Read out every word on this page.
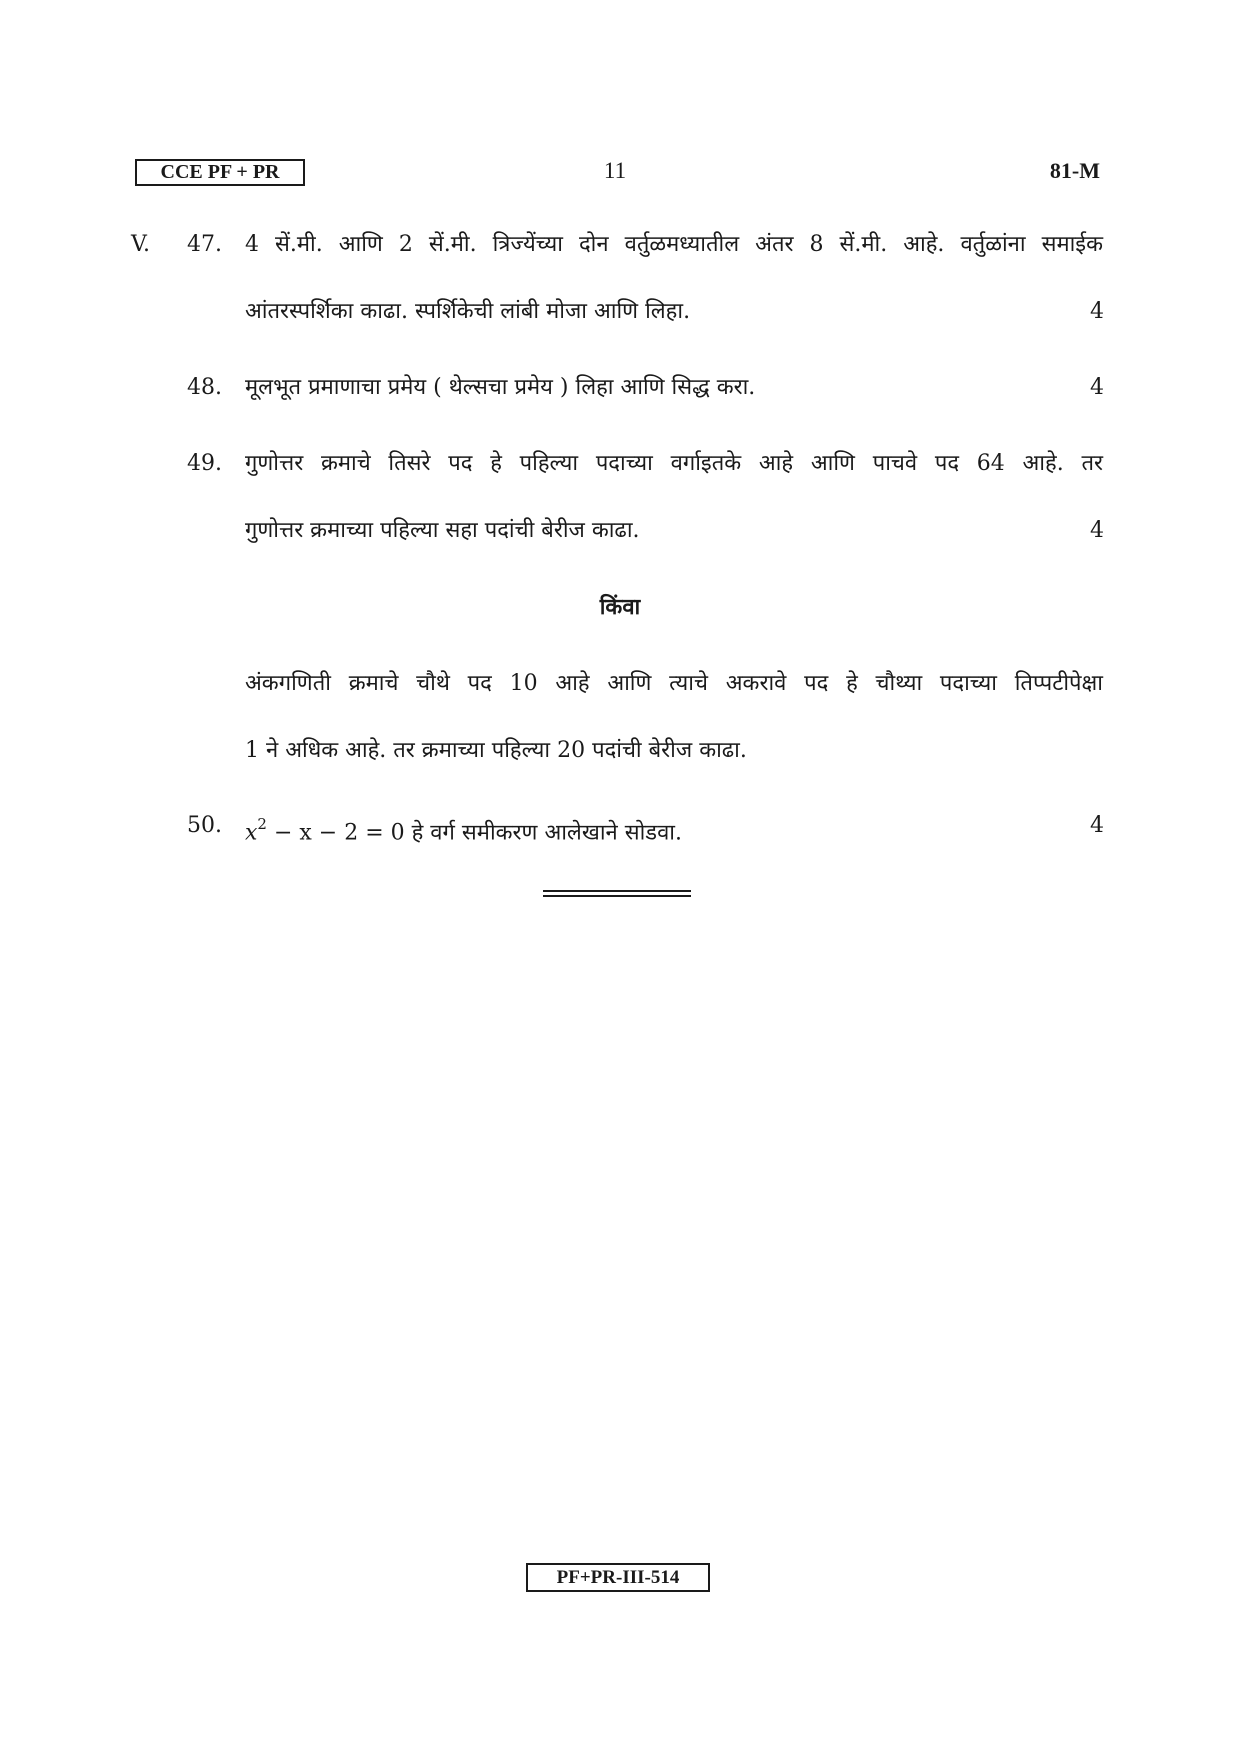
CCE PF + PR	11	81-M
V.	47.	4 सें.मी. आणि 2 सें.मी. त्रिज्येंच्या दोन वर्तुळमध्यातील अंतर 8 सें.मी. आहे. वर्तुळांना समाईक
आंतरस्पर्शिका काढा. स्पर्शिकेची लांबी मोजा आणि लिहा.	4
48.	मूलभूत प्रमाणाचा प्रमेय ( थेल्सचा प्रमेय ) लिहा आणि सिद्ध करा.	4
49.	गुणोत्तर क्रमाचे तिसरे पद हे पहिल्या पदाच्या वर्गाइतके आहे आणि पाचवे पद 64 आहे. तर
गुणोत्तर क्रमाच्या पहिल्या सहा पदांची बेरीज काढा.	4
किंवा
अंकगणिती क्रमाचे चौथे पद 10 आहे आणि त्याचे अकरावे पद हे चौथ्या पदाच्या तिप्पटीपेक्षा
1 ने अधिक आहे. तर क्रमाच्या पहिल्या 20 पदांची बेरीज काढा.
50.	$x^2 - x - 2 = 0$ हे वर्ग समीकरण आलेखाने सोडवा.	4
PF+PR-III-514
